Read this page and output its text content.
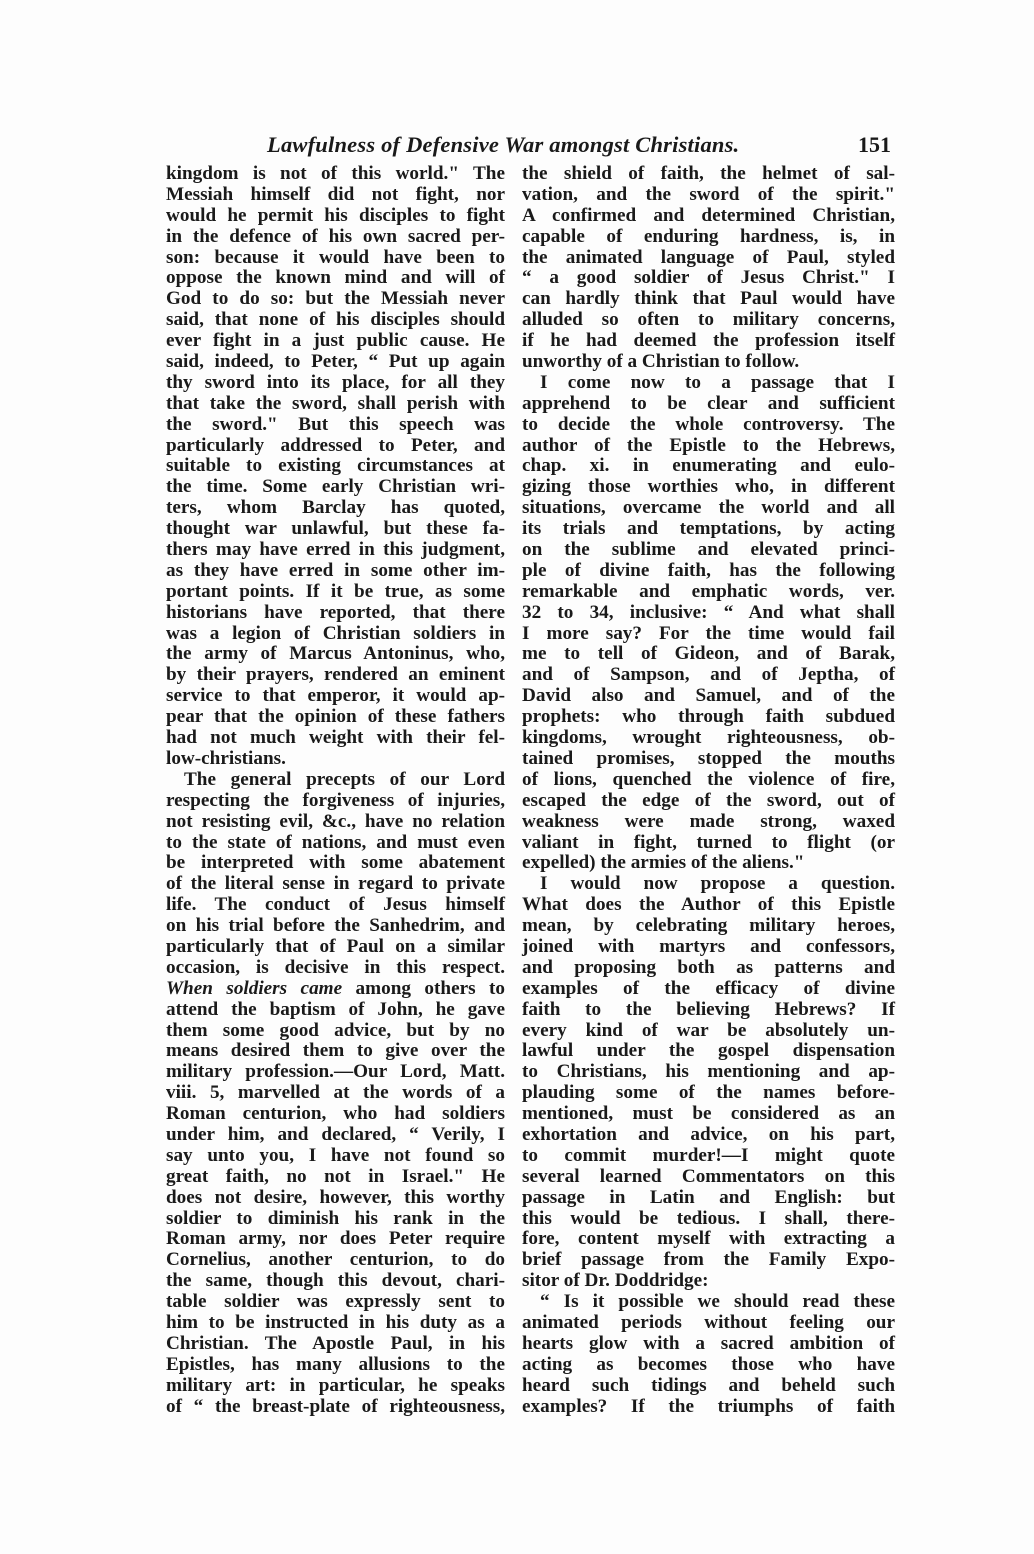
Lawfulness of Defensive War amongst Christians.	151
kingdom is not of this world." The
Messiah himself did not fight, nor
would he permit his disciples to fight
in the defence of his own sacred per-
son: because it would have been to
oppose the known mind and will of
God to do so: but the Messiah never
said, that none of his disciples should
ever fight in a just public cause. He
said, indeed, to Peter, “ Put up again
thy sword into its place, for all they
that take the sword, shall perish with
the sword." But this speech was
particularly addressed to Peter, and
suitable to existing circumstances at
the time. Some early Christian wri-
ters, whom Barclay has quoted,
thought war unlawful, but these fa-
thers may have erred in this judgment,
as they have erred in some other im-
portant points. If it be true, as some
historians have reported, that there
was a legion of Christian soldiers in
the army of Marcus Antoninus, who,
by their prayers, rendered an eminent
service to that emperor, it would ap-
pear that the opinion of these fathers
had not much weight with their fel-
low-christians.
The general precepts of our Lord
respecting the forgiveness of injuries,
not resisting evil, &c., have no relation
to the state of nations, and must even
be interpreted with some abatement
of the literal sense in regard to private
life. The conduct of Jesus himself
on his trial before the Sanhedrim, and
particularly that of Paul on a similar
occasion, is decisive in this respect.
When soldiers came among others to
attend the baptism of John, he gave
them some good advice, but by no
means desired them to give over the
military profession.—Our Lord, Matt.
viii. 5, marvelled at the words of a
Roman centurion, who had soldiers
under him, and declared, “ Verily, I
say unto you, I have not found so
great faith, no not in Israel." He
does not desire, however, this worthy
soldier to diminish his rank in the
Roman army, nor does Peter require
Cornelius, another centurion, to do
the same, though this devout, chari-
table soldier was expressly sent to
him to be instructed in his duty as a
Christian. The Apostle Paul, in his
Epistles, has many allusions to the
military art: in particular, he speaks
of “ the breast-plate of righteousness,
the shield of faith, the helmet of sal-
vation, and the sword of the spirit."
A confirmed and determined Christian,
capable of enduring hardness, is, in
the animated language of Paul, styled
“ a good soldier of Jesus Christ." I
can hardly think that Paul would have
alluded so often to military concerns,
if he had deemed the profession itself
unworthy of a Christian to follow.
I come now to a passage that I
apprehend to be clear and sufficient
to decide the whole controversy. The
author of the Epistle to the Hebrews,
chap. xi. in enumerating and eulo-
gizing those worthies who, in different
situations, overcame the world and all
its trials and temptations, by acting
on the sublime and elevated princi-
ple of divine faith, has the following
remarkable and emphatic words, ver.
32 to 34, inclusive: “ And what shall
I more say? For the time would fail
me to tell of Gideon, and of Barak,
and of Sampson, and of Jeptha, of
David also and Samuel, and of the
prophets: who through faith subdued
kingdoms, wrought righteousness, ob-
tained promises, stopped the mouths
of lions, quenched the violence of fire,
escaped the edge of the sword, out of
weakness were made strong, waxed
valiant in fight, turned to flight (or
expelled) the armies of the aliens."
I would now propose a question.
What does the Author of this Epistle
mean, by celebrating military heroes,
joined with martyrs and confessors,
and proposing both as patterns and
examples of the efficacy of divine
faith to the believing Hebrews? If
every kind of war be absolutely un-
lawful under the gospel dispensation
to Christians, his mentioning and ap-
plauding some of the names before-
mentioned, must be considered as an
exhortation and advice, on his part,
to commit murder!—I might quote
several learned Commentators on this
passage in Latin and English: but
this would be tedious. I shall, there-
fore, content myself with extracting a
brief passage from the Family Expo-
sitor of Dr. Doddridge:
“ Is it possible we should read these
animated periods without feeling our
hearts glow with a sacred ambition of
acting as becomes those who have
heard such tidings and beheld such
examples? If the triumphs of faith
